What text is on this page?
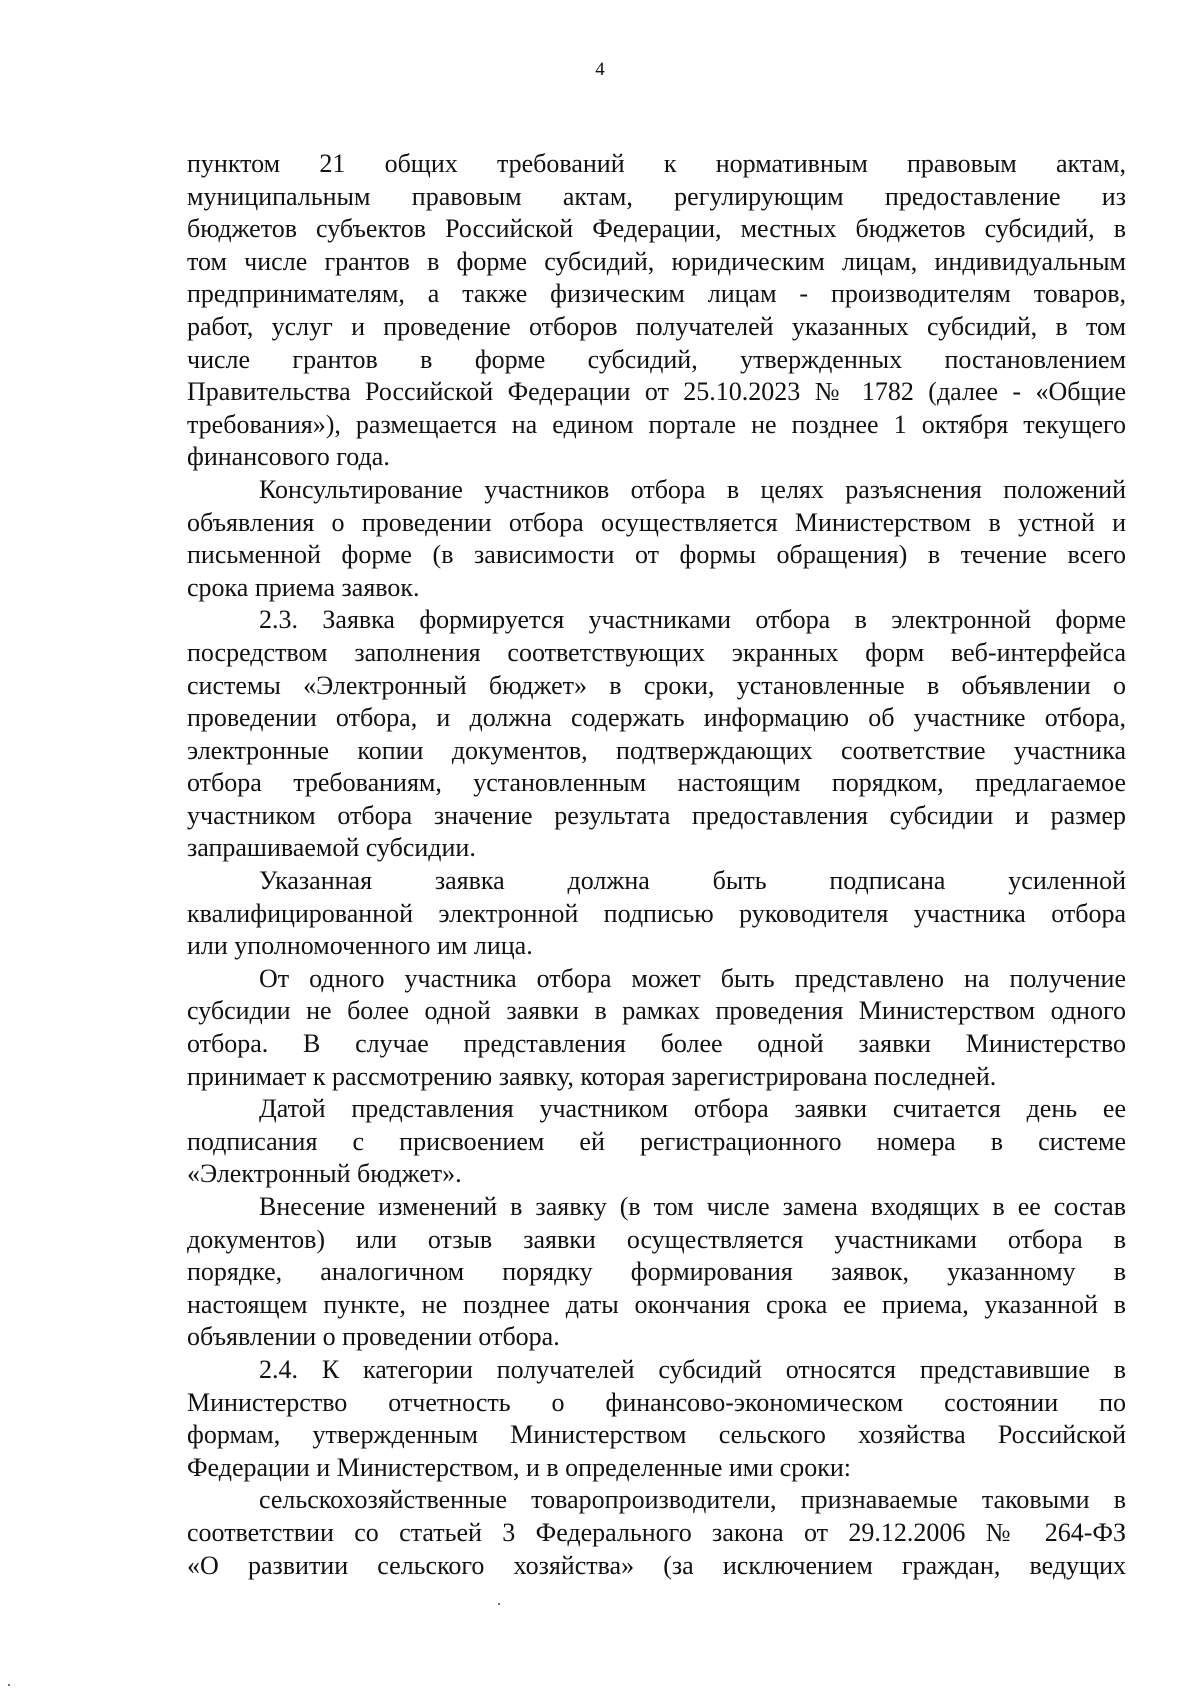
4
пунктом 21 общих требований к нормативным правовым актам,
муниципальным правовым актам, регулирующим предоставление из
бюджетов субъектов Российской Федерации, местных бюджетов субсидий, в
том числе грантов в форме субсидий, юридическим лицам, индивидуальным
предпринимателям, а также физическим лицам - производителям товаров,
работ, услуг и проведение отборов получателей указанных субсидий, в том
числе грантов в форме субсидий, утвержденных постановлением
Правительства Российской Федерации от 25.10.2023 № 1782 (далее - «Общие
требования»), размещается на едином портале не позднее 1 октября текущего
финансового года.
Консультирование участников отбора в целях разъяснения положений
объявления о проведении отбора осуществляется Министерством в устной и
письменной форме (в зависимости от формы обращения) в течение всего
срока приема заявок.
2.3. Заявка формируется участниками отбора в электронной форме
посредством заполнения соответствующих экранных форм веб-интерфейса
системы «Электронный бюджет» в сроки, установленные в объявлении о
проведении отбора, и должна содержать информацию об участнике отбора,
электронные копии документов, подтверждающих соответствие участника
отбора требованиям, установленным настоящим порядком, предлагаемое
участником отбора значение результата предоставления субсидии и размер
запрашиваемой субсидии.
Указанная заявка должна быть подписана усиленной
квалифицированной электронной подписью руководителя участника отбора
или уполномоченного им лица.
От одного участника отбора может быть представлено на получение
субсидии не более одной заявки в рамках проведения Министерством одного
отбора. В случае представления более одной заявки Министерство
принимает к рассмотрению заявку, которая зарегистрирована последней.
Датой представления участником отбора заявки считается день ее
подписания с присвоением ей регистрационного номера в системе
«Электронный бюджет».
Внесение изменений в заявку (в том числе замена входящих в ее состав
документов) или отзыв заявки осуществляется участниками отбора в
порядке, аналогичном порядку формирования заявок, указанному в
настоящем пункте, не позднее даты окончания срока ее приема, указанной в
объявлении о проведении отбора.
2.4. К категории получателей субсидий относятся представившие в
Министерство отчетность о финансово-экономическом состоянии по
формам, утвержденным Министерством сельского хозяйства Российской
Федерации и Министерством, и в определенные ими сроки:
сельскохозяйственные товаропроизводители, признаваемые таковыми в
соответствии со статьей 3 Федерального закона от 29.12.2006 № 264-ФЗ
«О развитии сельского хозяйства» (за исключением граждан, ведущих
